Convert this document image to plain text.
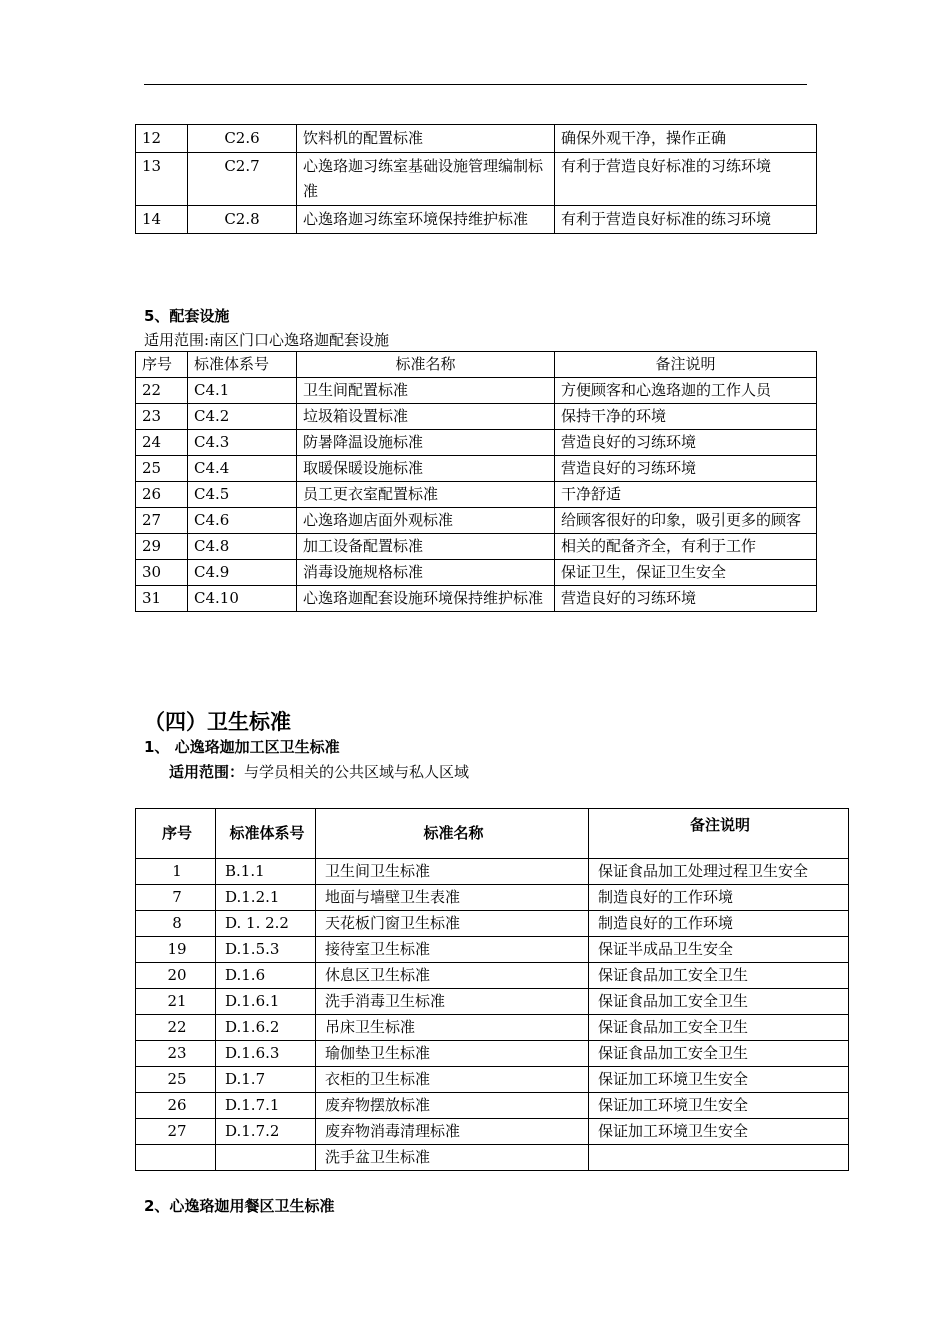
12	C2.6	饮料机的配置标准	确保外观干净，操作正确
13	C2.7	心逸珞迦习练室基础设施管理编制标准	有利于营造良好标准的习练环境
14	C2.8	心逸珞迦习练室环境保持维护标准	有利于营造良好标准的练习环境
5、配套设施
适用范围:南区门口心逸珞迦配套设施
序号	标准体系号	标准名称	备注说明
22	C4.1	卫生间配置标准	方便顾客和心逸珞迦的工作人员
23	C4.2	垃圾箱设置标准	保持干净的环境
24	C4.3	防暑降温设施标准	营造良好的习练环境
25	C4.4	取暖保暖设施标准	营造良好的习练环境
26	C4.5	员工更衣室配置标准	干净舒适
27	C4.6	心逸珞迦店面外观标准	给顾客很好的印象，吸引更多的顾客
29	C4.8	加工设备配置标准	相关的配备齐全，有利于工作
30	C4.9	消毒设施规格标准	保证卫生，保证卫生安全
31	C4.10	心逸珞迦配套设施环境保持维护标准	营造良好的习练环境
（四）卫生标准
1、 心逸珞迦加工区卫生标准
适用范围：与学员相关的公共区域与私人区域
序号	标准体系号	标准名称	备注说明
1	B.1.1	卫生间卫生标准	保证食品加工处理过程卫生安全
7	D.1.2.1	地面与墙壁卫生表准	制造良好的工作环境
8	D. 1. 2.2	天花板门窗卫生标准	制造良好的工作环境
19	D.1.5.3	接待室卫生标准	保证半成品卫生安全
20	D.1.6	休息区卫生标准	保证食品加工安全卫生
21	D.1.6.1	洗手消毒卫生标准	保证食品加工安全卫生
22	D.1.6.2	吊床卫生标准	保证食品加工安全卫生
23	D.1.6.3	瑜伽垫卫生标准	保证食品加工安全卫生
25	D.1.7	衣柜的卫生标准	保证加工环境卫生安全
26	D.1.7.1	废弃物摆放标准	保证加工环境卫生安全
27	D.1.7.2	废弃物消毒清理标准	保证加工环境卫生安全
		洗手盆卫生标准	
2、心逸珞迦用餐区卫生标准
